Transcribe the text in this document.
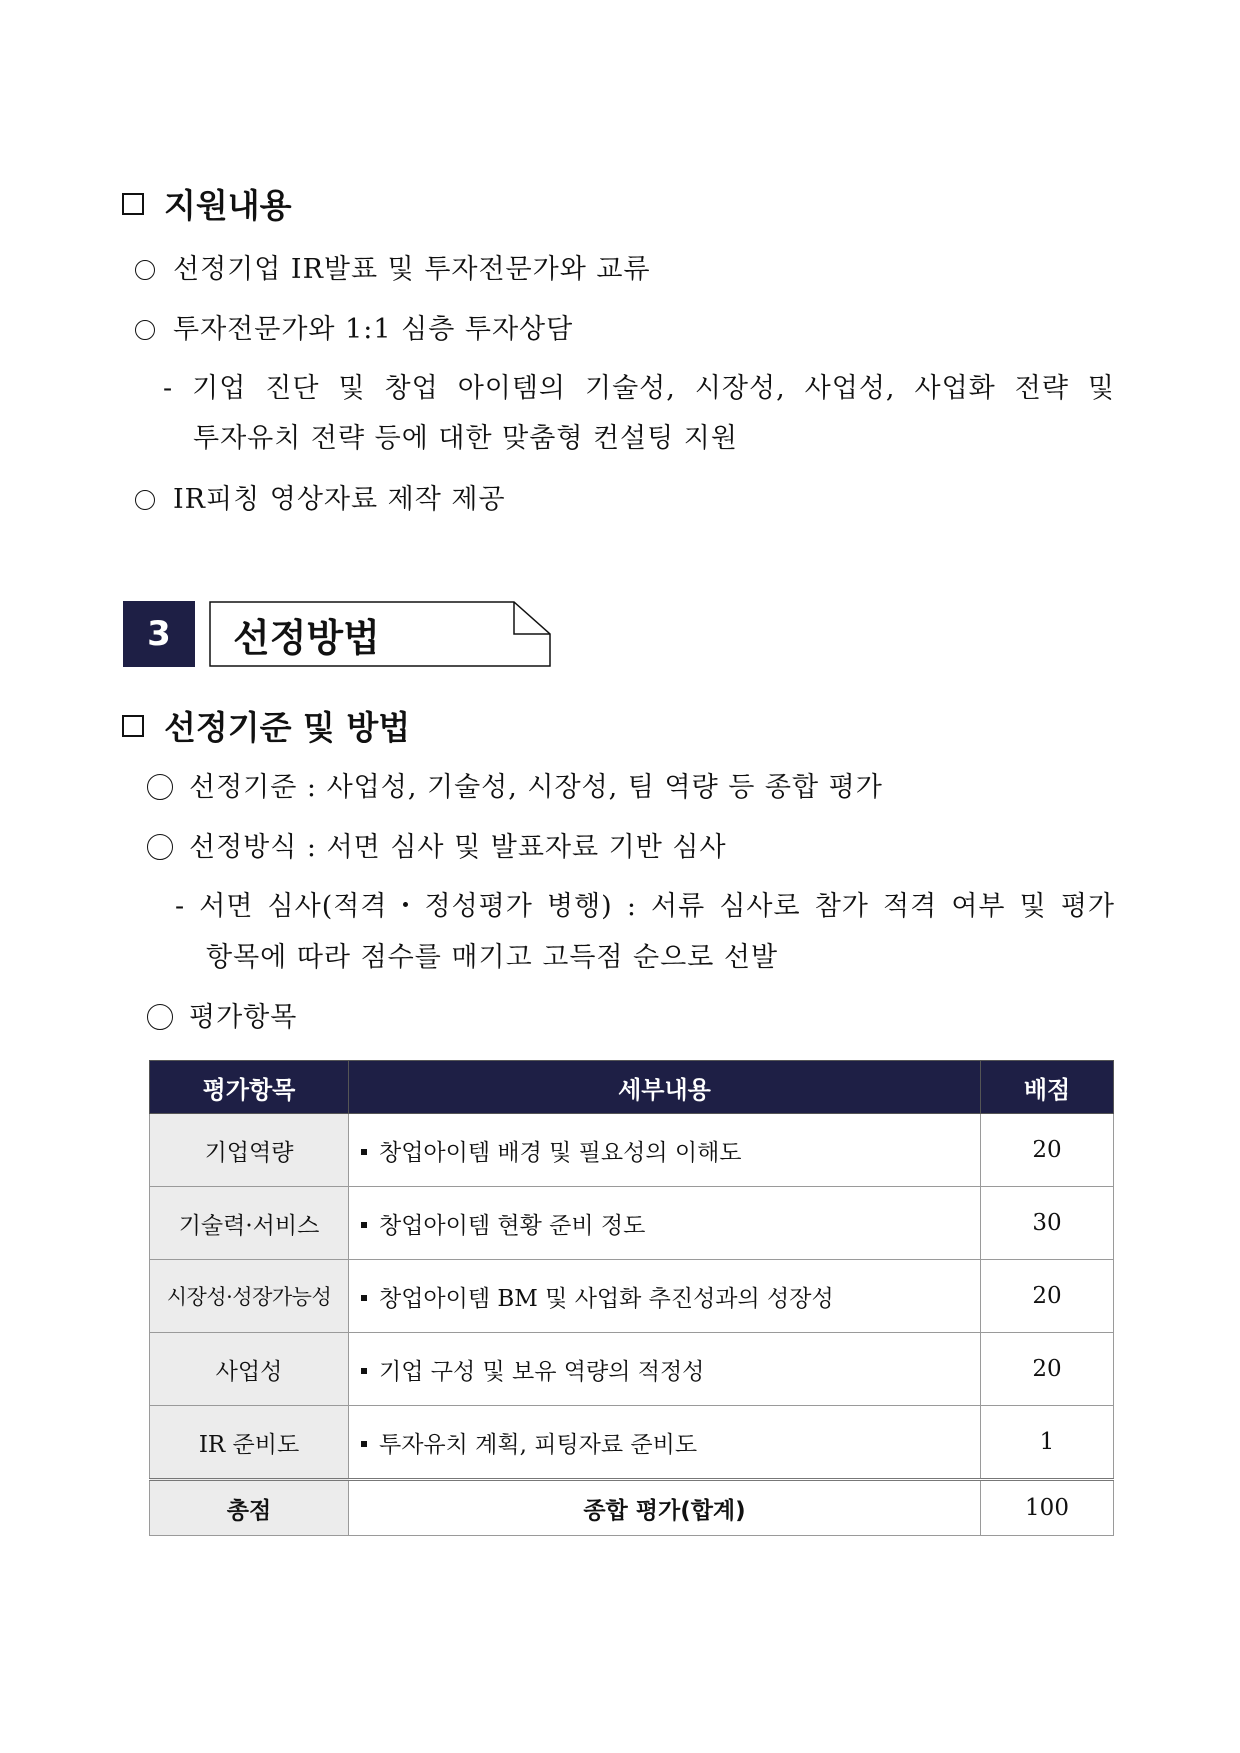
지원내용
선정기업 IR발표 및 투자전문가와 교류
투자전문가와 1:1 심층 투자상담
- 기업 진단 및 창업 아이템의 기술성, 시장성, 사업성, 사업화 전략 및
투자유치 전략 등에 대한 맞춤형 컨설팅 지원
IR피칭 영상자료 제작 제공
3	선정방법
선정기준 및 방법
선정기준 : 사업성, 기술성, 시장성, 팀 역량 등 종합 평가
선정방식 : 서면 심사 및 발표자료 기반 심사
- 서면 심사(적격・정성평가 병행) : 서류 심사로 참가 적격 여부 및 평가
항목에 따라 점수를 매기고 고득점 순으로 선발
평가항목
평가항목	세부내용	배점
기업역량	창업아이템 배경 및 필요성의 이해도	20
기술력·서비스	창업아이템 현황 준비 정도	30
시장성·성장가능성	창업아이템 BM 및 사업화 추진성과의 성장성	20
사업성	기업 구성 및 보유 역량의 적정성	20
IR 준비도	투자유치 계획, 피팅자료 준비도	1
총점	종합 평가(합계)	100
